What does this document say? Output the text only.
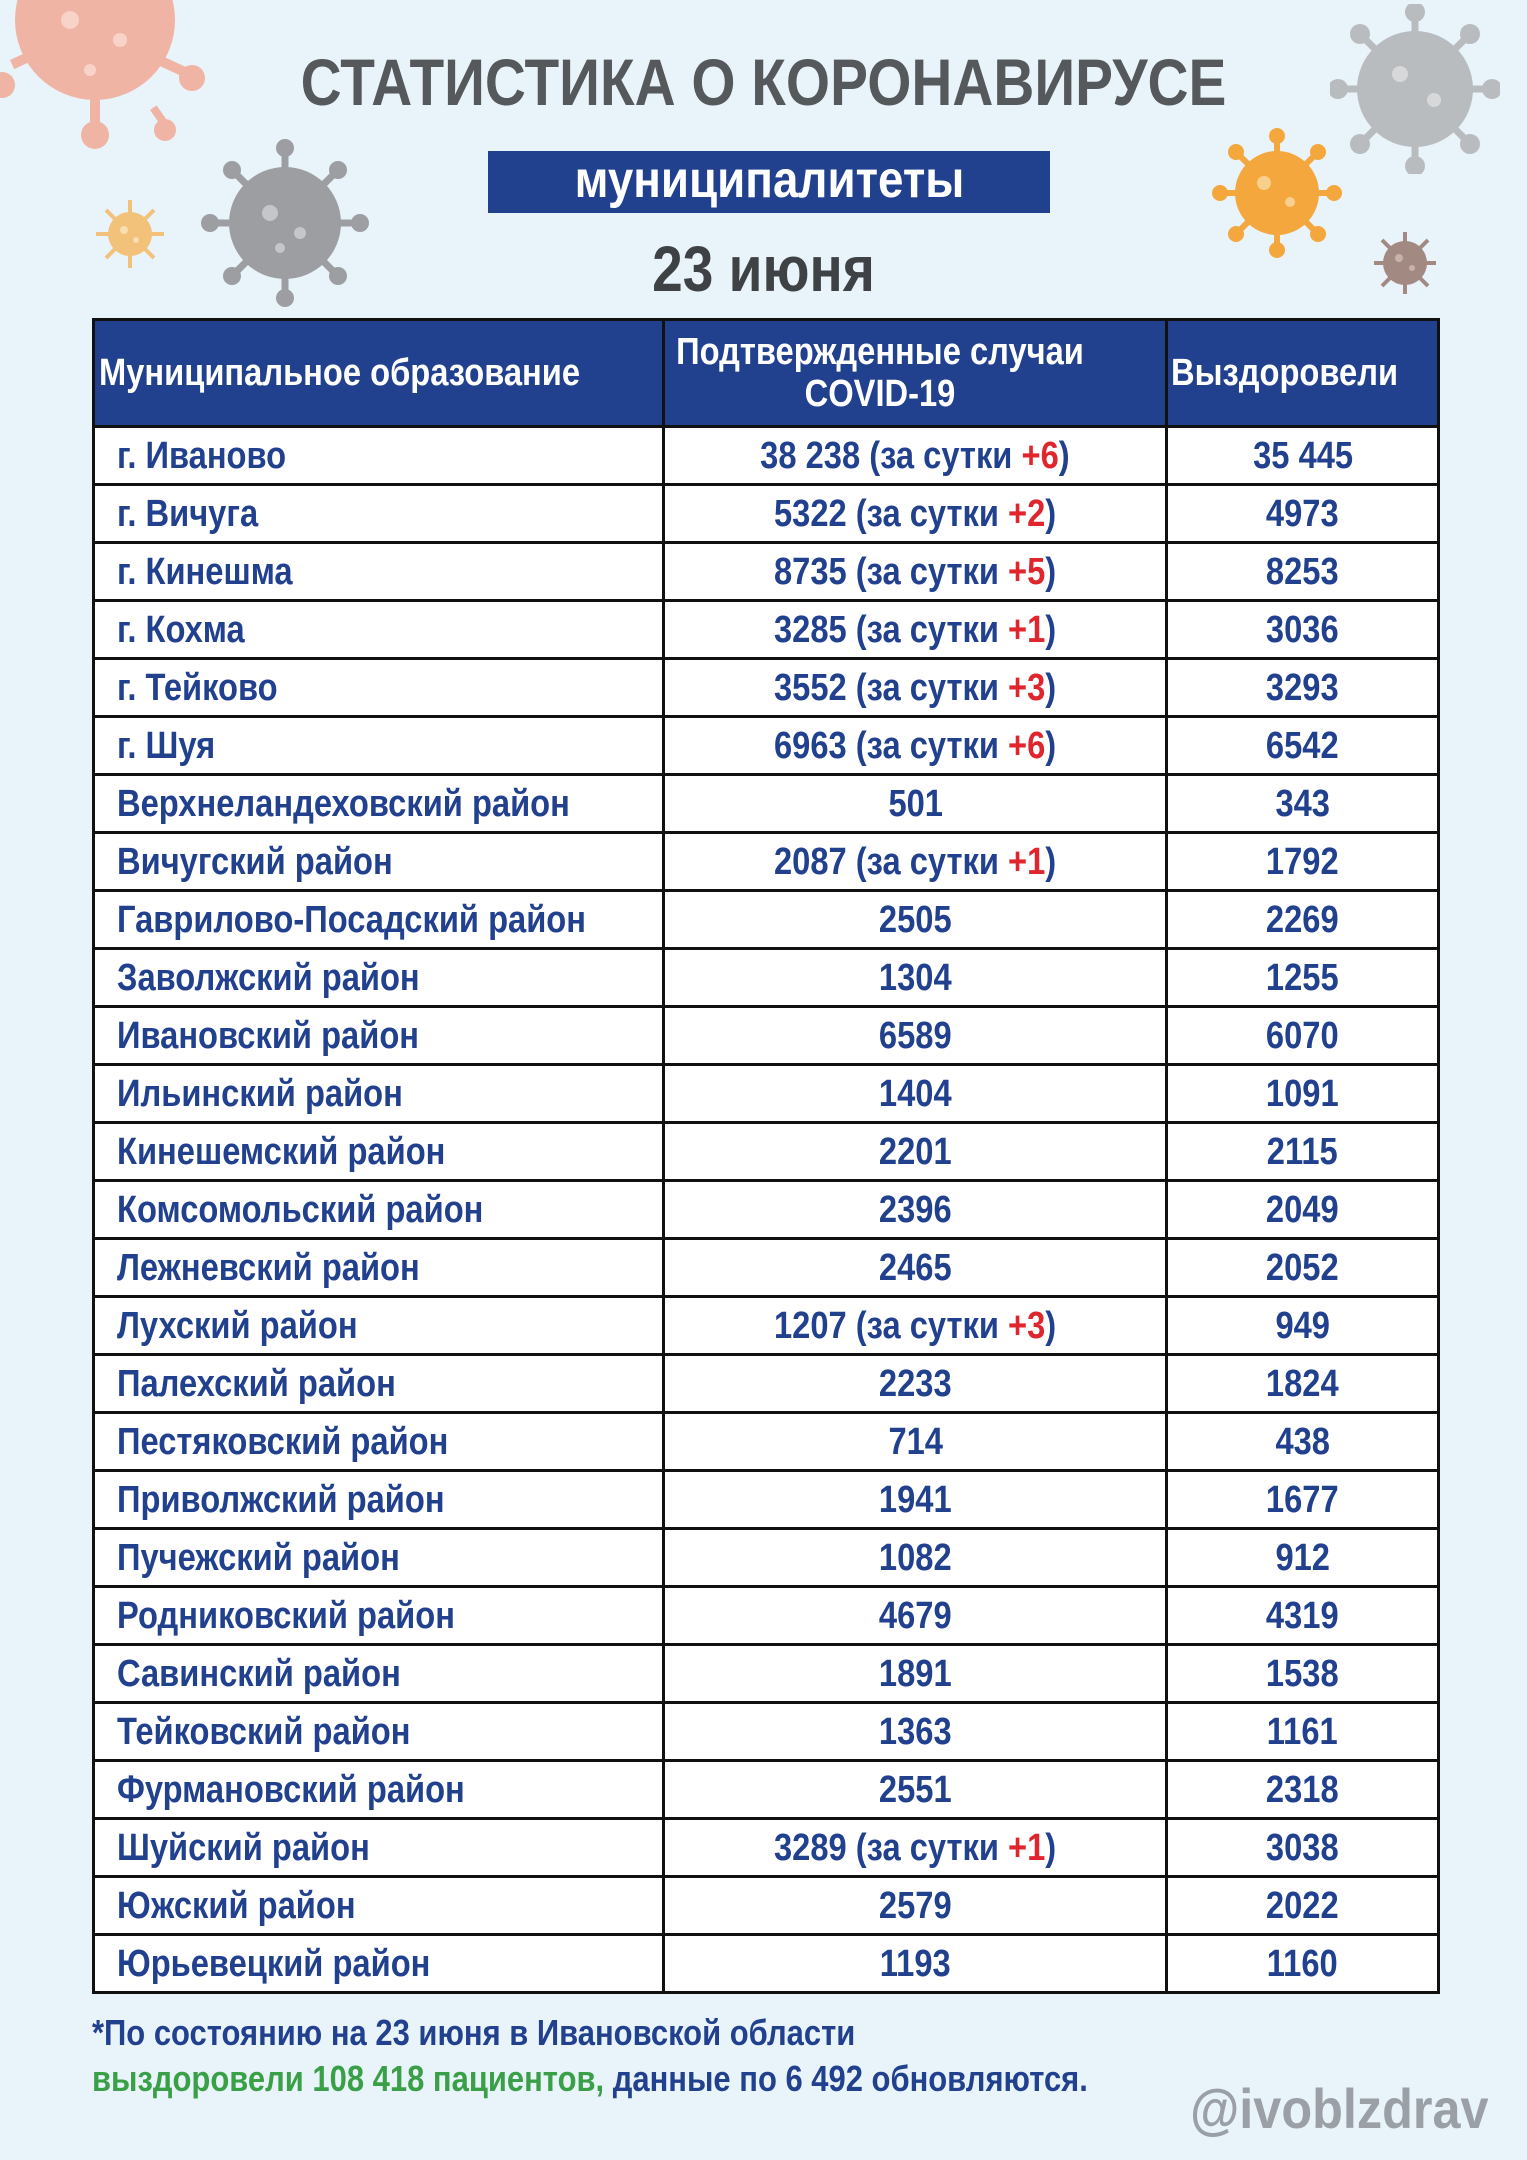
СТАТИСТИКА О КОРОНАВИРУСЕ
муниципалитеты
23 июня
Муниципальное образование	Подтвержденные случаи COVID-19	Выздоровели
г. Иваново	38 238 (за сутки +6)	35 445
г. Вичуга	5322 (за сутки +2)	4973
г. Кинешма	8735 (за сутки +5)	8253
г. Кохма	3285 (за сутки +1)	3036
г. Тейково	3552 (за сутки +3)	3293
г. Шуя	6963 (за сутки +6)	6542
Верхнеландеховский район	501	343
Вичугский район	2087 (за сутки +1)	1792
Гаврилово-Посадский район	2505	2269
Заволжский район	1304	1255
Ивановский район	6589	6070
Ильинский район	1404	1091
Кинешемский район	2201	2115
Комсомольский район	2396	2049
Лежневский район	2465	2052
Лухский район	1207 (за сутки +3)	949
Палехский район	2233	1824
Пестяковский район	714	438
Приволжский район	1941	1677
Пучежский район	1082	912
Родниковский район	4679	4319
Савинский район	1891	1538
Тейковский район	1363	1161
Фурмановский район	2551	2318
Шуйский район	3289 (за сутки +1)	3038
Южский район	2579	2022
Юрьевецкий район	1193	1160
*По состоянию на 23 июня в Ивановской области
выздоровели 108 418 пациентов, данные по 6 492 обновляются.	@ivoblzdrav
